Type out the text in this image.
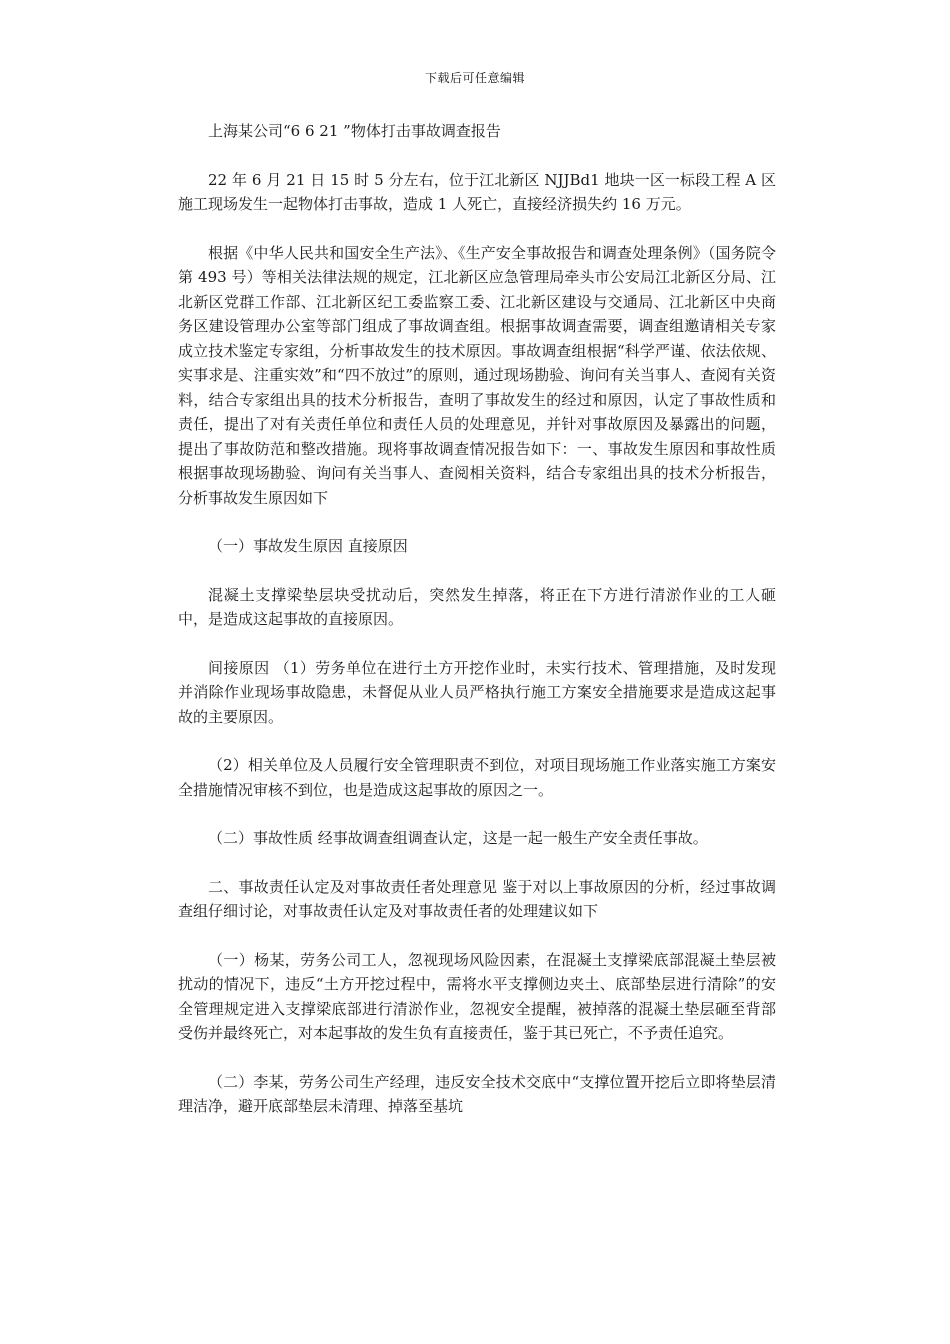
下载后可任意编辑

上海某公司“6 6 21 ”物体打击事故调查报告

22 年 6 月 21 日 15 时 5 分左右，位于江北新区 NJJBd1 地块一区一标段工程 A 区施工现场发生一起物体打击事故，造成 1 人死亡，直接经济损失约 16 万元。

根据《中华人民共和国安全生产法》、《生产安全事故报告和调查处理条例》（国务院令 第 493 号）等相关法律法规的规定，江北新区应急管理局牵头市公安局江北新区分局、江北新区党群工作部、江北新区纪工委监察工委、江北新区建设与交通局、江北新区中央商务区建设管理办公室等部门组成了事故调查组。根据事故调查需要，调查组邀请相关专家成立技术鉴定专家组，分析事故发生的技术原因。事故调查组根据“科学严谨、依法依规、实事求是、注重实效”和“四不放过”的原则，通过现场勘验、询问有关当事人、查阅有关资料，结合专家组出具的技术分析报告，查明了事故发生的经过和原因，认定了事故性质和责任，提出了对有关责任单位和责任人员的处理意见，并针对事故原因及暴露出的问题，提出了事故防范和整改措施。现将事故调查情况报告如下：一、事故发生原因和事故性质 根据事故现场勘验、询问有关当事人、查阅相关资料，结合专家组出具的技术分析报告，分析事故发生原因如下

（一）事故发生原因 直接原因

混凝土支撑梁垫层块受扰动后，突然发生掉落，将正在下方进行清淤作业的工人砸中，是造成这起事故的直接原因。

间接原因 （1）劳务单位在进行土方开挖作业时，未实行技术、管理措施，及时发现并消除作业现场事故隐患，未督促从业人员严格执行施工方案安全措施要求是造成这起事故的主要原因。

（2）相关单位及人员履行安全管理职责不到位，对项目现场施工作业落实施工方案安全措施情况审核不到位，也是造成这起事故的原因之一。

（二）事故性质 经事故调查组调查认定，这是一起一般生产安全责任事故。

二、事故责任认定及对事故责任者处理意见 鉴于对以上事故原因的分析，经过事故调查组仔细讨论，对事故责任认定及对事故责任者的处理建议如下

（一）杨某，劳务公司工人，忽视现场风险因素，在混凝土支撑梁底部混凝土垫层被扰动的情况下，违反“土方开挖过程中，需将水平支撑侧边夹土、底部垫层进行清除”的安全管理规定进入支撑梁底部进行清淤作业，忽视安全提醒，被掉落的混凝土垫层砸至背部受伤并最终死亡，对本起事故的发生负有直接责任，鉴于其已死亡，不予责任追究。

（二）李某，劳务公司生产经理，违反安全技术交底中“支撑位置开挖后立即将垫层清理洁净，避开底部垫层未清理、掉落至基坑
